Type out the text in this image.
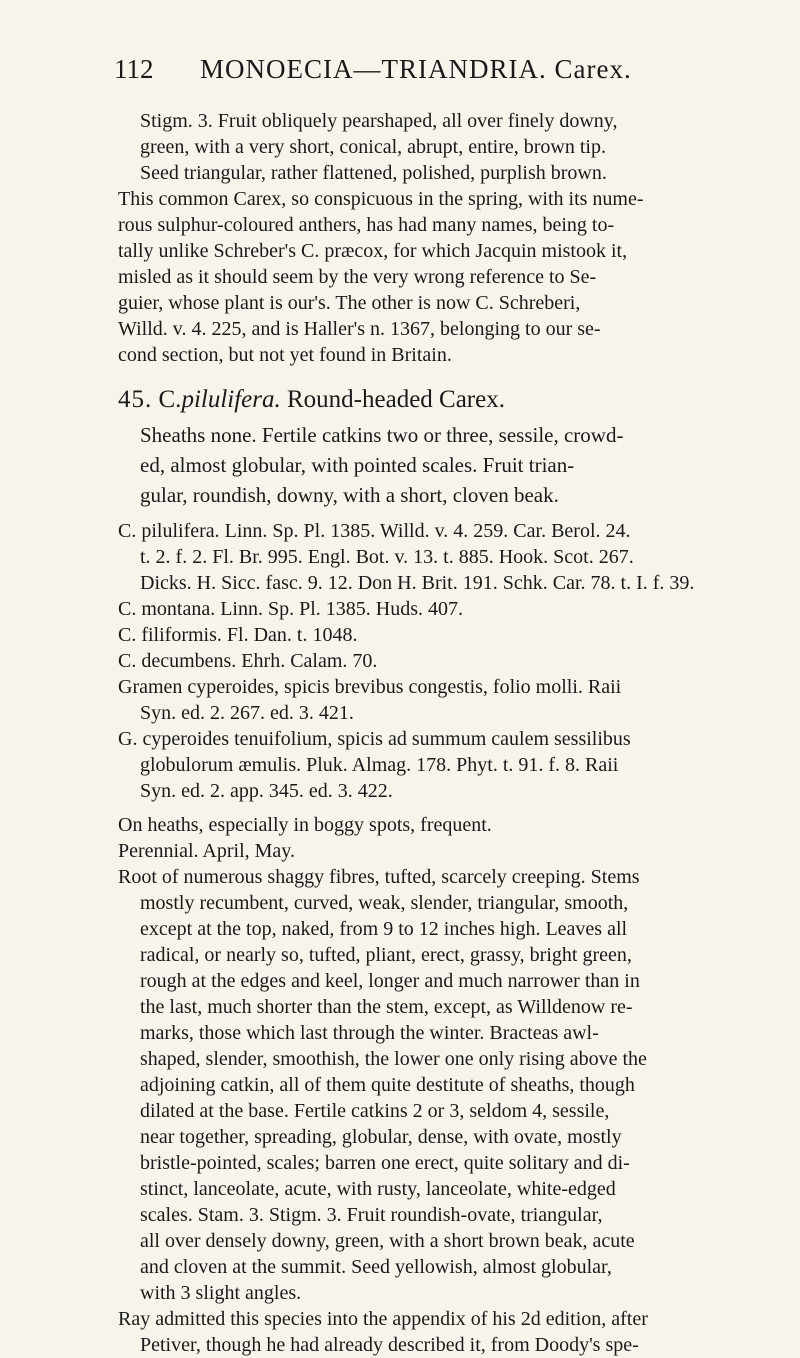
112 MONOECIA—TRIANDRIA. Carex.

Stigm. 3. Fruit obliquely pearshaped, all over finely downy,

green, with a very short, conical, abrupt, entire, brown tip.

Seed triangular, rather flattened, polished, purplish brown.

This common Carex, so conspicuous in the spring, with its nume-

rous sulphur-coloured anthers, has had many names, being to-

tally unlike Schreber's C. præcox, for which Jacquin mistook it,

misled as it should seem by the very wrong reference to Se-

guier, whose plant is our's. The other is now C. Schreberi,

Willd. v. 4. 225, and is Haller's n. 1367, belonging to our se-

cond section, but not yet found in Britain.

45. C.pilulifera. Round-headed Carex.

Sheaths none. Fertile catkins two or three, sessile, crowd-

ed, almost globular, with pointed scales. Fruit trian-

gular, roundish, downy, with a short, cloven beak.

C. pilulifera. Linn. Sp. Pl. 1385. Willd. v. 4. 259. Car. Berol. 24.

t. 2. f. 2. Fl. Br. 995. Engl. Bot. v. 13. t. 885. Hook. Scot. 267.

Dicks. H. Sicc. fasc. 9. 12. Don H. Brit. 191. Schk. Car. 78. t. I. f. 39.

C. montana. Linn. Sp. Pl. 1385. Huds. 407.

C. filiformis. Fl. Dan. t. 1048.

C. decumbens. Ehrh. Calam. 70.

Gramen cyperoides, spicis brevibus congestis, folio molli. Raii

Syn. ed. 2. 267. ed. 3. 421.

G. cyperoides tenuifolium, spicis ad summum caulem sessilibus

globulorum æmulis. Pluk. Almag. 178. Phyt. t. 91. f. 8. Raii

Syn. ed. 2. app. 345. ed. 3. 422.

On heaths, especially in boggy spots, frequent.

Perennial. April, May.

Root of numerous shaggy fibres, tufted, scarcely creeping. Stems

mostly recumbent, curved, weak, slender, triangular, smooth,

except at the top, naked, from 9 to 12 inches high. Leaves all

radical, or nearly so, tufted, pliant, erect, grassy, bright green,

rough at the edges and keel, longer and much narrower than in

the last, much shorter than the stem, except, as Willdenow re-

marks, those which last through the winter. Bracteas awl-

shaped, slender, smoothish, the lower one only rising above the

adjoining catkin, all of them quite destitute of sheaths, though

dilated at the base. Fertile catkins 2 or 3, seldom 4, sessile,

near together, spreading, globular, dense, with ovate, mostly

bristle-pointed, scales; barren one erect, quite solitary and di-

stinct, lanceolate, acute, with rusty, lanceolate, white-edged

scales. Stam. 3. Stigm. 3. Fruit roundish-ovate, triangular,

all over densely downy, green, with a short brown beak, acute

and cloven at the summit. Seed yellowish, almost globular,

with 3 slight angles.

Ray admitted this species into the appendix of his 2d edition, after

Petiver, though he had already described it, from Doody's spe-
